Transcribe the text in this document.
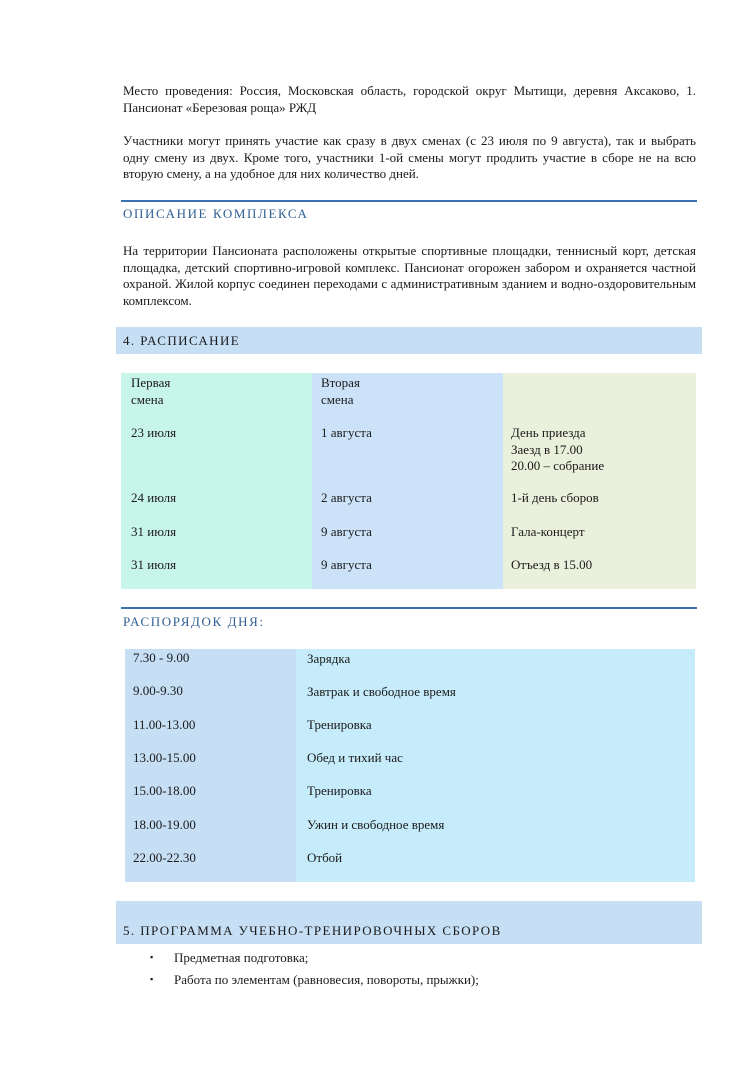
Место проведения: Россия, Московская область, городской округ Мытищи, деревня Аксаково, 1. Пансионат «Березовая роща» РЖД
Участники могут принять участие как сразу в двух сменах (с 23 июля по 9 августа), так и выбрать одну смену из двух. Кроме того, участники 1-ой смены могут продлить участие в сборе не на всю вторую смену, а на удобное для них количество дней.
ОПИСАНИЕ КОМПЛЕКСА
На территории Пансионата расположены открытые спортивные площадки, теннисный корт, детская площадка, детский спортивно-игровой комплекс. Пансионат огорожен забором и охраняется частной охраной. Жилой корпус соединен переходами с административным зданием и водно-оздоровительным комплексом.
4. РАСПИСАНИЕ
Первая
смена
23 июля
24 июля
31 июля
31 июля
Вторая
смена
1 августа
2 августа
9 августа
9 августа
День приезда
Заезд в 17.00
20.00 – собрание
1-й день сборов
Гала-концерт
Отъезд в 15.00
РАСПОРЯДОК ДНЯ:
7.30 - 9.00
9.00-9.30
11.00-13.00
13.00-15.00
15.00-18.00
18.00-19.00
22.00-22.30
Зарядка
Завтрак и свободное время
Тренировка
Обед и тихий час
Тренировка
Ужин и свободное время
Отбой
5. ПРОГРАММА УЧЕБНО-ТРЕНИРОВОЧНЫХ СБОРОВ
▪ Предметная подготовка;
▪ Работа по элементам (равновесия, повороты, прыжки);
